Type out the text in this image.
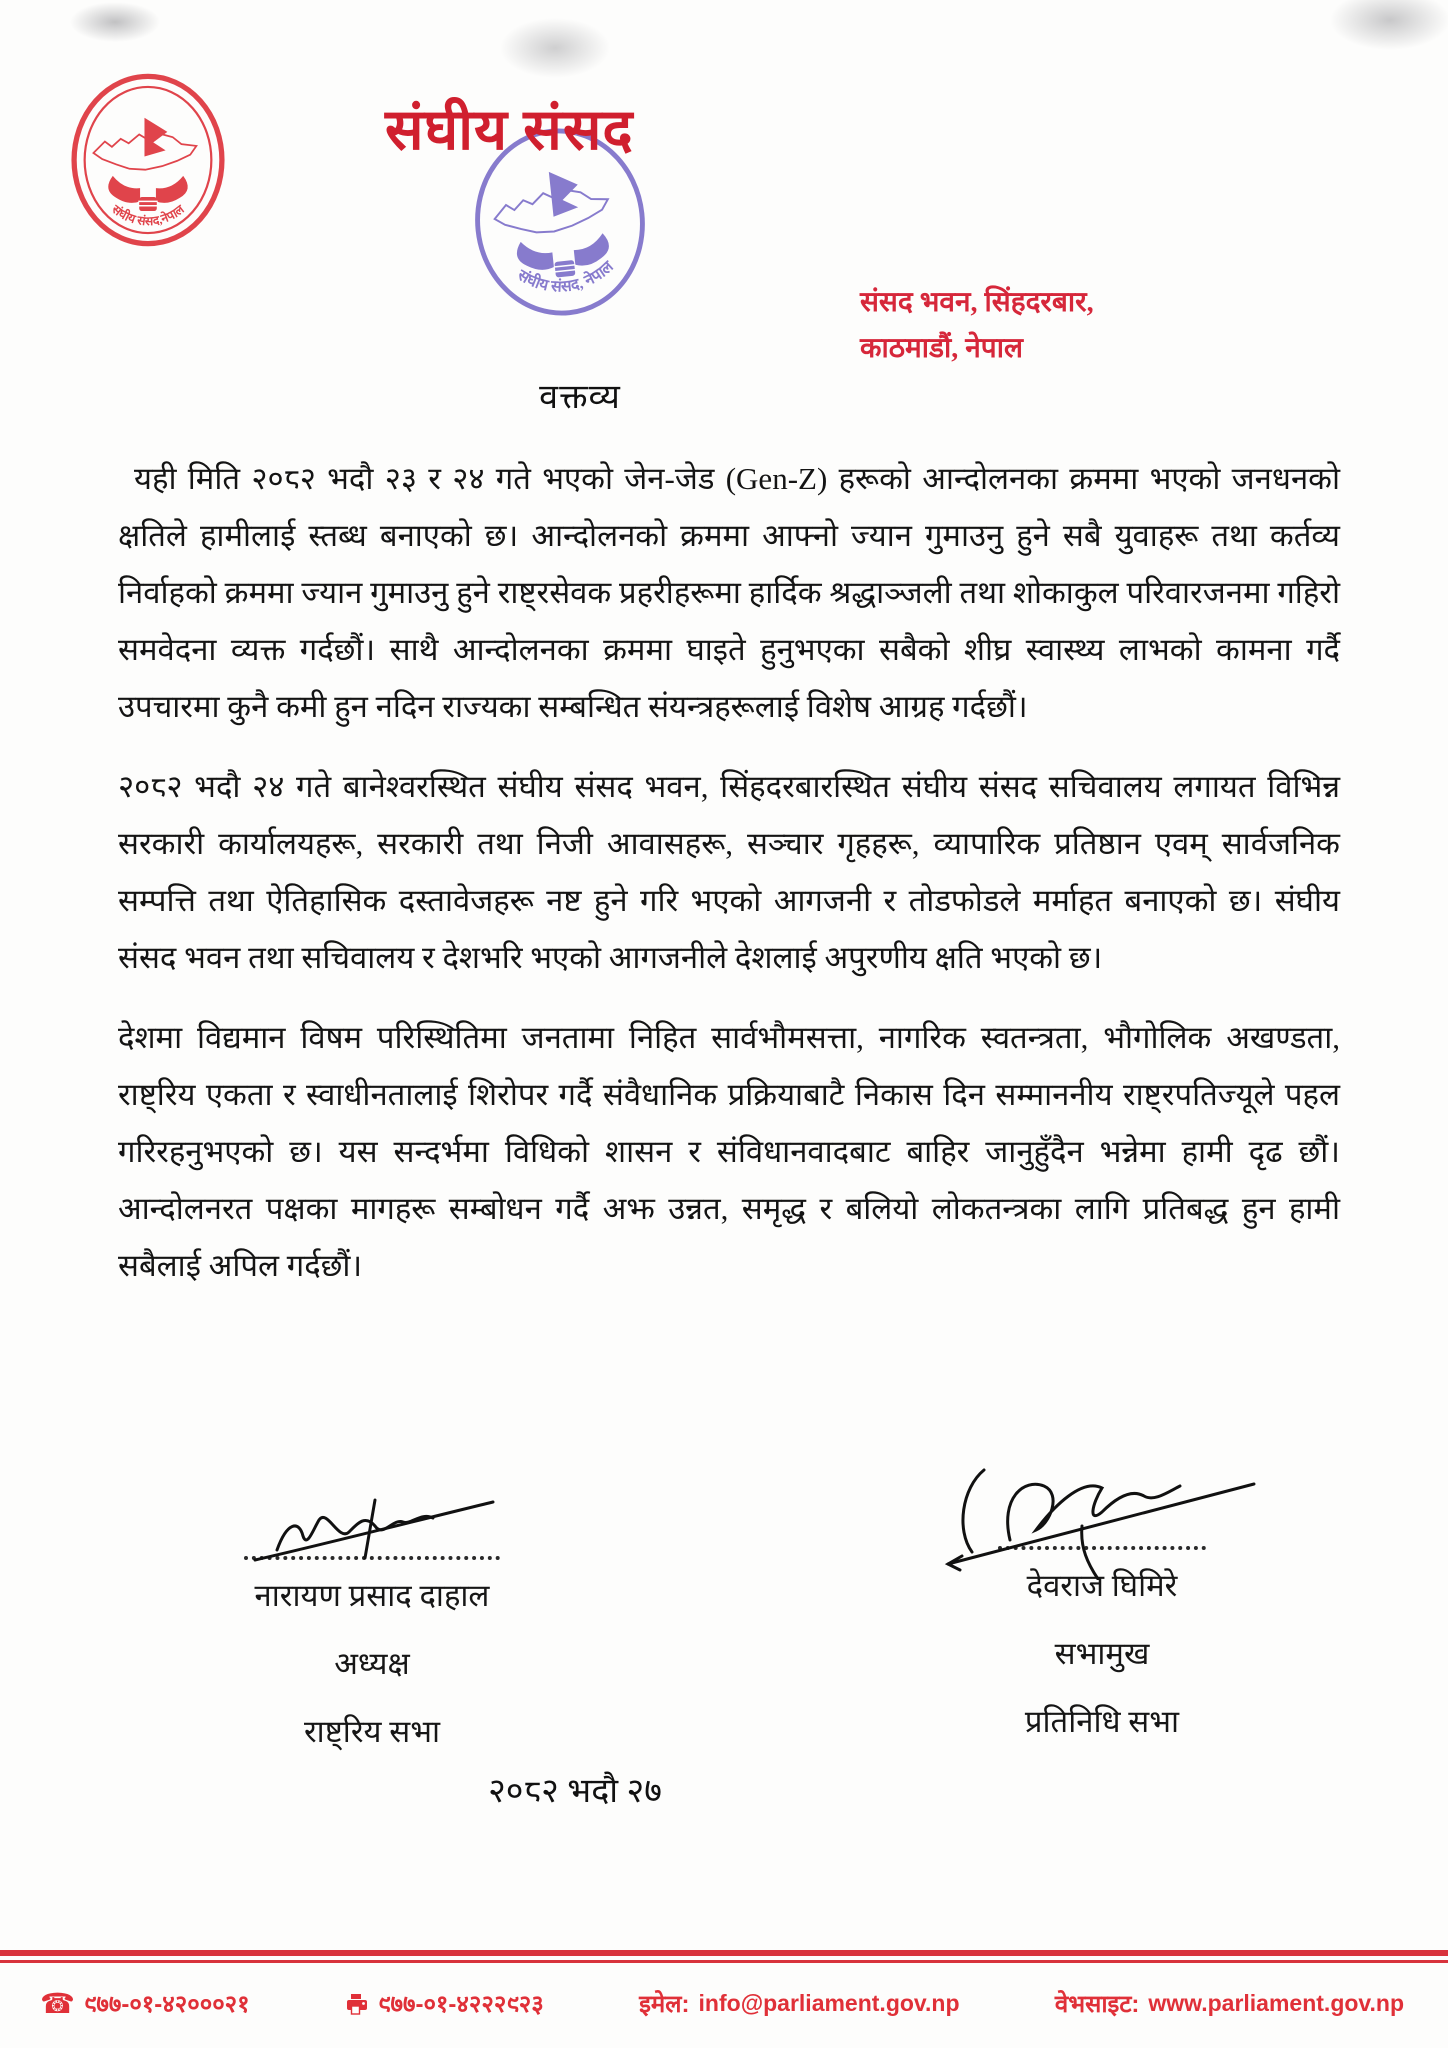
संघीय संसद,नेपाल
संघीय संसद, नेपाल
संघीय संसद
संसद भवन, सिंहदरबार,
काठमाडौं, नेपाल
वक्तव्य

यही मिति २०८२ भदौ २३ र २४ गते भएको जेन-जेड (Gen-Z) हरूको आन्दोलनका क्रममा भएको जनधनको क्षतिले हामीलाई स्तब्ध बनाएको छ। आन्दोलनको क्रममा आफ्नो ज्यान गुमाउनु हुने सबै युवाहरू तथा कर्तव्य निर्वाहको क्रममा ज्यान गुमाउनु हुने राष्ट्रसेवक प्रहरीहरूमा हार्दिक श्रद्धाञ्जली तथा शोकाकुल परिवारजनमा गहिरो समवेदना व्यक्त गर्दछौं। साथै आन्दोलनका क्रममा घाइते हुनुभएका सबैको शीघ्र स्वास्थ्य लाभको कामना गर्दै उपचारमा कुनै कमी हुन नदिन राज्यका सम्बन्धित संयन्त्रहरूलाई विशेष आग्रह गर्दछौं।

२०८२ भदौ २४ गते बानेश्वरस्थित संघीय संसद भवन, सिंहदरबारस्थित संघीय संसद सचिवालय लगायत विभिन्न सरकारी कार्यालयहरू, सरकारी तथा निजी आवासहरू, सञ्चार गृहहरू, व्यापारिक प्रतिष्ठान एवम् सार्वजनिक सम्पत्ति तथा ऐतिहासिक दस्तावेजहरू नष्ट हुने गरि भएको आगजनी र तोडफोडले मर्माहत बनाएको छ। संघीय संसद भवन तथा सचिवालय र देशभरि भएको आगजनीले देशलाई अपुरणीय क्षति भएको छ।

देशमा विद्यमान विषम परिस्थितिमा जनतामा निहित सार्वभौमसत्ता, नागरिक स्वतन्त्रता, भौगोलिक अखण्डता, राष्ट्रिय एकता र स्वाधीनतालाई शिरोपर गर्दै संवैधानिक प्रक्रियाबाटै निकास दिन सम्माननीय राष्ट्रपतिज्यूले पहल गरिरहनुभएको छ। यस सन्दर्भमा विधिको शासन र संविधानवादबाट बाहिर जानुहुँदैन भन्नेमा हामी दृढ छौं। आन्दोलनरत पक्षका मागहरू सम्बोधन गर्दै अझ उन्नत, समृद्ध र बलियो लोकतन्त्रका लागि प्रतिबद्ध हुन हामी सबैलाई अपिल गर्दछौं।

नारायण प्रसाद दाहाल
अध्यक्ष
राष्ट्रिय सभा
देवराज घिमिरे
सभामुख
प्रतिनिधि सभा
२०८२ भदौ २७
☎ ९७७-०१-४२०००२१	९७७-०१-४२२२९२३	इमेल: info@parliament.gov.np	वेभसाइट: www.parliament.gov.np
